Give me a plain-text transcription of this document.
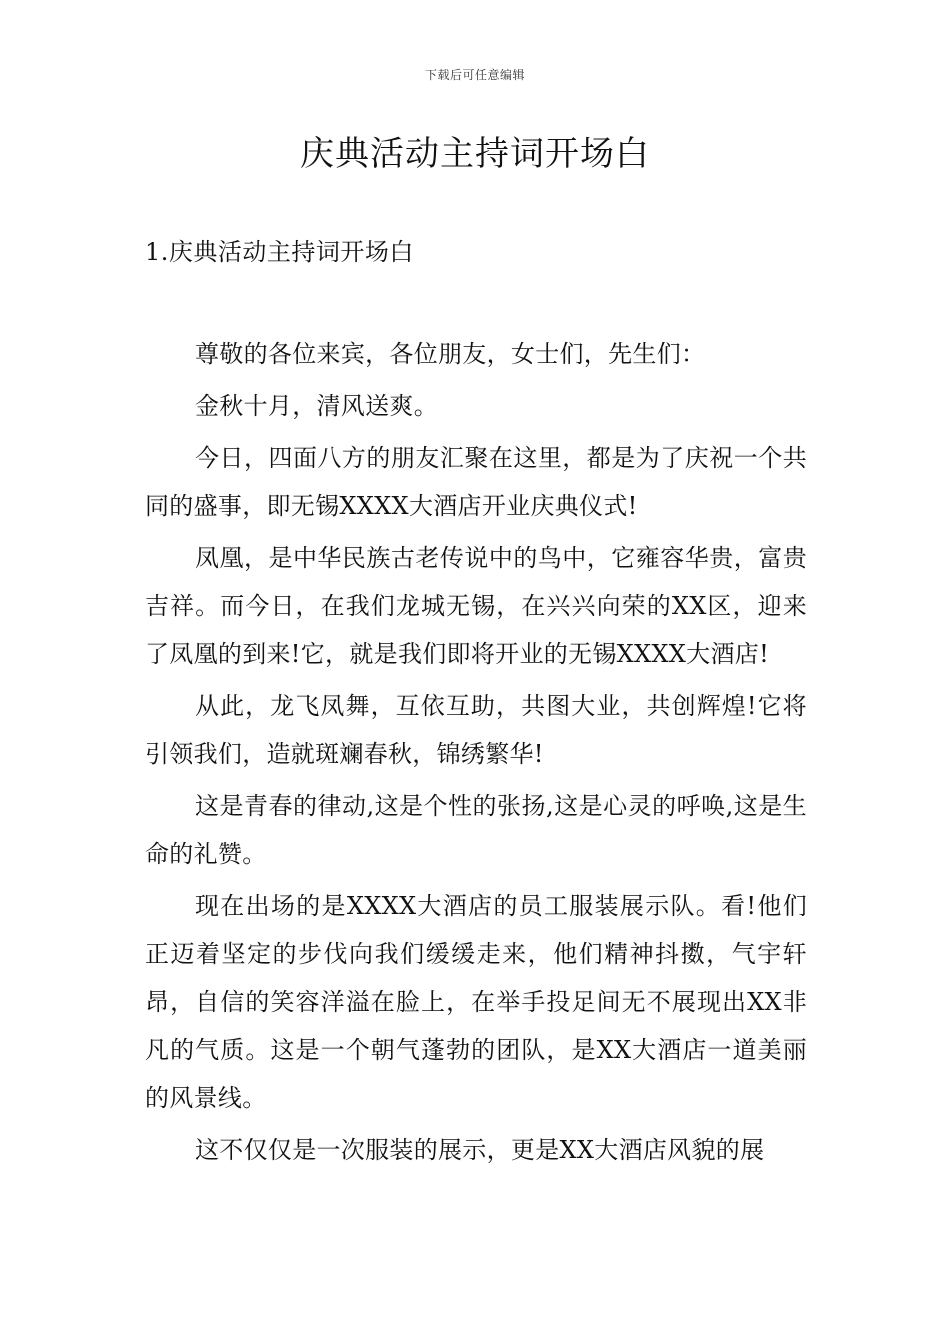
下载后可任意编辑
庆典活动主持词开场白
1.庆典活动主持词开场白

尊敬的各位来宾，各位朋友，女士们，先生们：

金秋十月，清风送爽。

今日，四面八方的朋友汇聚在这里，都是为了庆祝一个共同的盛事，即无锡XXXX大酒店开业庆典仪式!

凤凰，是中华民族古老传说中的鸟中，它雍容华贵，富贵吉祥。而今日，在我们龙城无锡，在兴兴向荣的XX区，迎来了凤凰的到来!它，就是我们即将开业的无锡XXXX大酒店!

从此，龙飞凤舞，互依互助，共图大业，共创辉煌!它将引领我们，造就斑斓春秋，锦绣繁华!

这是青春的律动,这是个性的张扬,这是心灵的呼唤,这是生命的礼赞。

现在出场的是XXXX大酒店的员工服装展示队。看!他们正迈着坚定的步伐向我们缓缓走来，他们精神抖擞，气宇轩昂，自信的笑容洋溢在脸上，在举手投足间无不展现出XX非凡的气质。这是一个朝气蓬勃的团队，是XX大酒店一道美丽的风景线。

这不仅仅是一次服装的展示，更是XX大酒店风貌的展
